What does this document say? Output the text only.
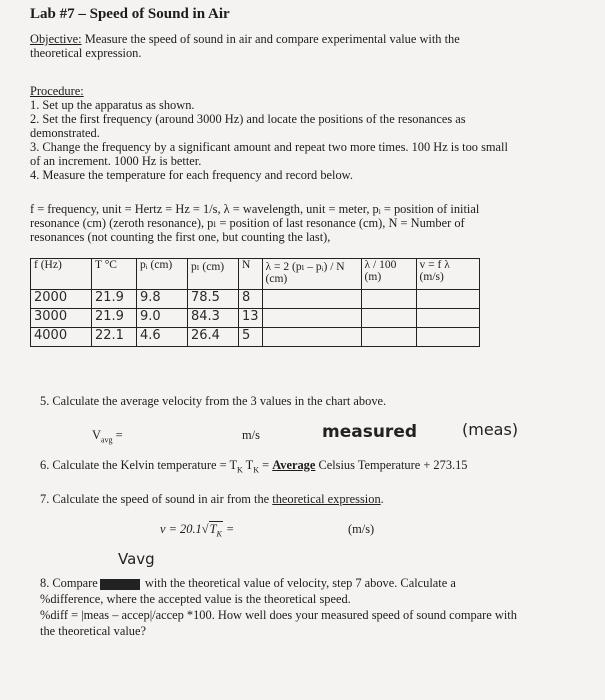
Lab #7 – Speed of Sound in Air
Objective: Measure the speed of sound in air and compare experimental value with the
theoretical expression.
Procedure:
1. Set up the apparatus as shown.
2. Set the first frequency (around 3000 Hz) and locate the positions of the resonances as
demonstrated.
3. Change the frequency by a significant amount and repeat two more times. 100 Hz is too small
of an increment. 1000 Hz is better.
4. Measure the temperature for each frequency and record below.
f = frequency, unit = Hertz = Hz = 1/s, λ = wavelength, unit = meter, pᵢ = position of initial
resonance (cm) (zeroth resonance), pₗ = position of last resonance (cm), N = Number of
resonances (not counting the first one, but counting the last),
f (Hz)	T °C	pᵢ (cm)	pₗ (cm)	N	λ = 2 (pₗ – pᵢ) / N
(cm)	λ / 100
(m)	v = f λ
(m/s)
2000	21.9	9.8	78.5	8			
3000	21.9	9.0	84.3	13			
4000	22.1	4.6	26.4	5			
5. Calculate the average velocity from the 3 values in the chart above.
$V_{avg}$ =	m/s	measured	(meas)
6. Calculate the Kelvin temperature = $T_K$ $T_K$ = Average Celsius Temperature + 273.15
7. Calculate the speed of sound in air from the theoretical expression.
$v = 20.1√T_K$ =	(m/s)
Vavg
8. Compare	with the theoretical value of velocity, step 7 above. Calculate a
%difference, where the accepted value is the theoretical speed.
%diff = |meas – accep|/accep *100. How well does your measured speed of sound compare with
the theoretical value?
